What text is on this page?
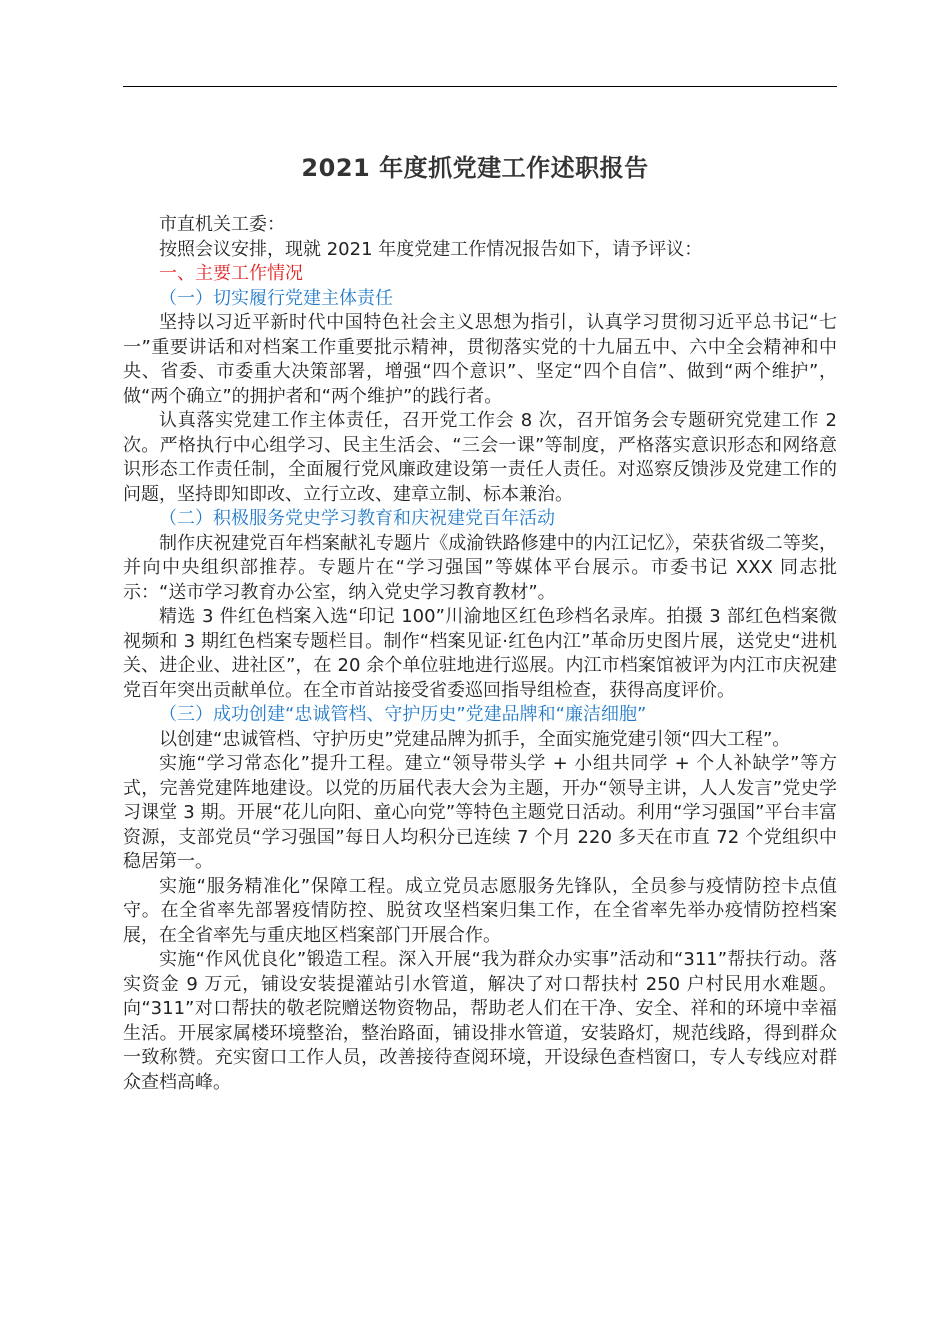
2021 年度抓党建工作述职报告

市直机关工委：

按照会议安排，现就 2021 年度党建工作情况报告如下，请予评议：

一、主要工作情况

（一）切实履行党建主体责任

坚持以习近平新时代中国特色社会主义思想为指引，认真学习贯彻习近平总书记“七一”重要讲话和对档案工作重要批示精神，贯彻落实党的十九届五中、六中全会精神和中央、省委、市委重大决策部署，增强“四个意识”、坚定“四个自信”、做到“两个维护”，做“两个确立”的拥护者和“两个维护”的践行者。

认真落实党建工作主体责任，召开党工作会 8 次，召开馆务会专题研究党建工作 2 次。严格执行中心组学习、民主生活会、“三会一课”等制度，严格落实意识形态和网络意识形态工作责任制，全面履行党风廉政建设第一责任人责任。对巡察反馈涉及党建工作的问题，坚持即知即改、立行立改、建章立制、标本兼治。

（二）积极服务党史学习教育和庆祝建党百年活动

制作庆祝建党百年档案献礼专题片《成渝铁路修建中的内江记忆》，荣获省级二等奖，并向中央组织部推荐。专题片在“学习强国”等媒体平台展示。市委书记 XXX 同志批示：“送市学习教育办公室，纳入党史学习教育教材”。

精选 3 件红色档案入选“印记 100”川渝地区红色珍档名录库。拍摄 3 部红色档案微视频和 3 期红色档案专题栏目。制作“档案见证·红色内江”革命历史图片展，送党史“进机关、进企业、进社区”，在 20 余个单位驻地进行巡展。内江市档案馆被评为内江市庆祝建党百年突出贡献单位。在全市首站接受省委巡回指导组检查，获得高度评价。

（三）成功创建“忠诚管档、守护历史”党建品牌和“廉洁细胞”

以创建“忠诚管档、守护历史”党建品牌为抓手，全面实施党建引领“四大工程”。

实施“学习常态化”提升工程。建立“领导带头学 + 小组共同学 + 个人补缺学”等方式，完善党建阵地建设。以党的历届代表大会为主题，开办“领导主讲，人人发言”党史学习课堂 3 期。开展“花儿向阳、童心向党”等特色主题党日活动。利用“学习强国”平台丰富资源，支部党员“学习强国”每日人均积分已连续 7 个月 220 多天在市直 72 个党组织中稳居第一。

实施“服务精准化”保障工程。成立党员志愿服务先锋队，全员参与疫情防控卡点值守。在全省率先部署疫情防控、脱贫攻坚档案归集工作，在全省率先举办疫情防控档案展，在全省率先与重庆地区档案部门开展合作。

实施“作风优良化”锻造工程。深入开展“我为群众办实事”活动和“311”帮扶行动。落实资金 9 万元，铺设安装提灌站引水管道，解决了对口帮扶村 250 户村民用水难题。向“311”对口帮扶的敬老院赠送物资物品，帮助老人们在干净、安全、祥和的环境中幸福生活。开展家属楼环境整治，整治路面，铺设排水管道，安装路灯，规范线路，得到群众一致称赞。充实窗口工作人员，改善接待查阅环境，开设绿色查档窗口，专人专线应对群众查档高峰。
